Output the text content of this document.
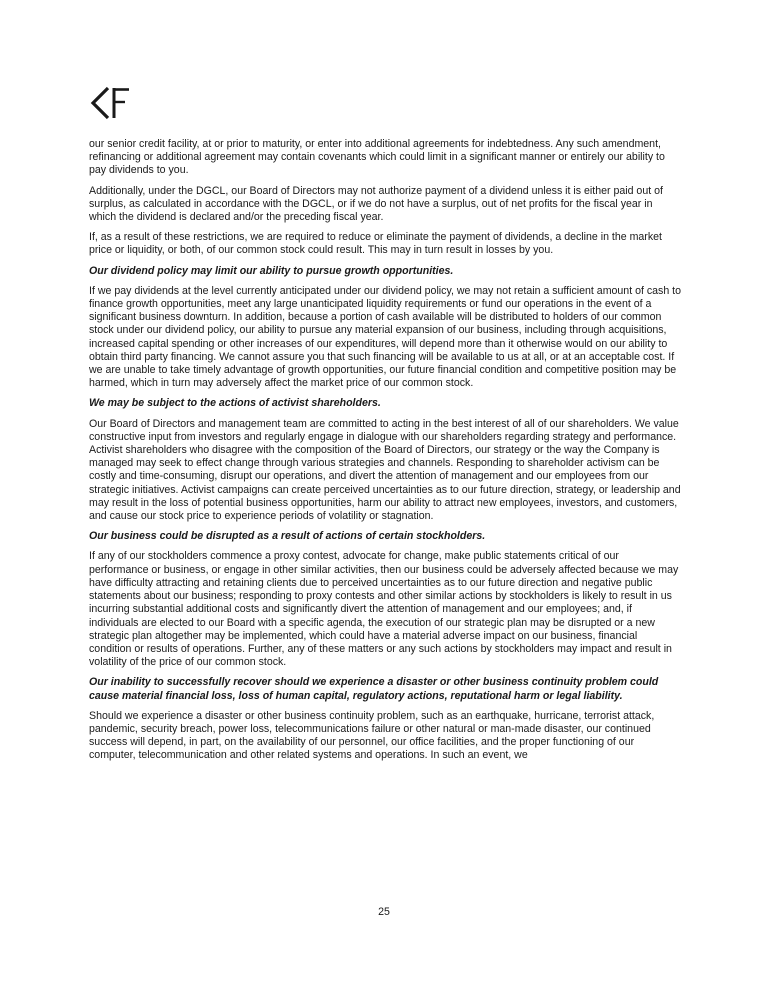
our senior credit facility, at or prior to maturity, or enter into additional agreements for indebtedness. Any such amendment, refinancing or additional agreement may contain covenants which could limit in a significant manner or entirely our ability to pay dividends to you.

Additionally, under the DGCL, our Board of Directors may not authorize payment of a dividend unless it is either paid out of surplus, as calculated in accordance with the DGCL, or if we do not have a surplus, out of net profits for the fiscal year in which the dividend is declared and/or the preceding fiscal year.

If, as a result of these restrictions, we are required to reduce or eliminate the payment of dividends, a decline in the market price or liquidity, or both, of our common stock could result. This may in turn result in losses by you.

Our dividend policy may limit our ability to pursue growth opportunities.

If we pay dividends at the level currently anticipated under our dividend policy, we may not retain a sufficient amount of cash to finance growth opportunities, meet any large unanticipated liquidity requirements or fund our operations in the event of a significant business downturn. In addition, because a portion of cash available will be distributed to holders of our common stock under our dividend policy, our ability to pursue any material expansion of our business, including through acquisitions, increased capital spending or other increases of our expenditures, will depend more than it otherwise would on our ability to obtain third party financing. We cannot assure you that such financing will be available to us at all, or at an acceptable cost. If we are unable to take timely advantage of growth opportunities, our future financial condition and competitive position may be harmed, which in turn may adversely affect the market price of our common stock.

We may be subject to the actions of activist shareholders.

Our Board of Directors and management team are committed to acting in the best interest of all of our shareholders. We value constructive input from investors and regularly engage in dialogue with our shareholders regarding strategy and performance. Activist shareholders who disagree with the composition of the Board of Directors, our strategy or the way the Company is managed may seek to effect change through various strategies and channels. Responding to shareholder activism can be costly and time-consuming, disrupt our operations, and divert the attention of management and our employees from our strategic initiatives. Activist campaigns can create perceived uncertainties as to our future direction, strategy, or leadership and may result in the loss of potential business opportunities, harm our ability to attract new employees, investors, and customers, and cause our stock price to experience periods of volatility or stagnation.

Our business could be disrupted as a result of actions of certain stockholders.

If any of our stockholders commence a proxy contest, advocate for change, make public statements critical of our performance or business, or engage in other similar activities, then our business could be adversely affected because we may have difficulty attracting and retaining clients due to perceived uncertainties as to our future direction and negative public statements about our business; responding to proxy contests and other similar actions by stockholders is likely to result in us incurring substantial additional costs and significantly divert the attention of management and our employees; and, if individuals are elected to our Board with a specific agenda, the execution of our strategic plan may be disrupted or a new strategic plan altogether may be implemented, which could have a material adverse impact on our business, financial condition or results of operations. Further, any of these matters or any such actions by stockholders may impact and result in volatility of the price of our common stock.

Our inability to successfully recover should we experience a disaster or other business continuity problem could cause material financial loss, loss of human capital, regulatory actions, reputational harm or legal liability.

Should we experience a disaster or other business continuity problem, such as an earthquake, hurricane, terrorist attack, pandemic, security breach, power loss, telecommunications failure or other natural or man-made disaster, our continued success will depend, in part, on the availability of our personnel, our office facilities, and the proper functioning of our computer, telecommunication and other related systems and operations. In such an event, we

25
